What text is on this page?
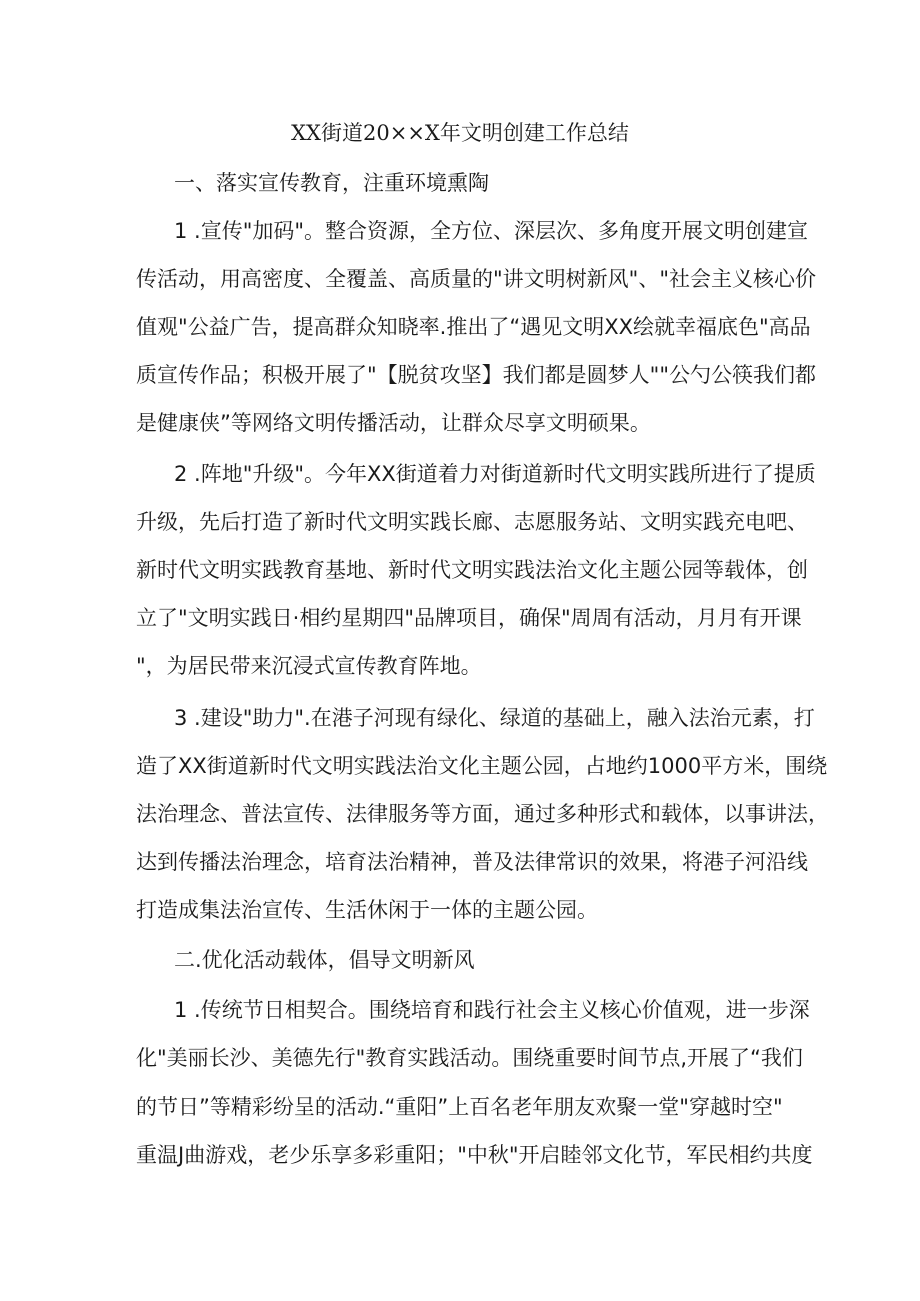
XX街道20××X年文明创建工作总结

一、落实宣传教育，注重环境熏陶

1 .宣传"加码"。整合资源，全方位、深层次、多角度开展文明创建宣

传活动，用高密度、全覆盖、高质量的"讲文明树新风"、"社会主义核心价

值观"公益广告，提高群众知晓率.推出了“遇见文明XX绘就幸福底色"高品

质宣传作品；积极开展了"【脱贫攻坚】我们都是圆梦人""公勺公筷我们都

是健康侠”等网络文明传播活动，让群众尽享文明硕果。

2 .阵地"升级"。今年XX街道着力对街道新时代文明实践所进行了提质

升级，先后打造了新时代文明实践长廊、志愿服务站、文明实践充电吧、

新时代文明实践教育基地、新时代文明实践法治文化主题公园等载体，创

立了"文明实践日·相约星期四"品牌项目，确保"周周有活动，月月有开课

"，为居民带来沉浸式宣传教育阵地。

3 .建设"助力".在港子河现有绿化、绿道的基础上，融入法治元素，打

造了XX街道新时代文明实践法治文化主题公园，占地约1000平方米，围绕

法治理念、普法宣传、法律服务等方面，通过多种形式和载体，以事讲法，

达到传播法治理念，培育法治精神，普及法律常识的效果，将港子河沿线

打造成集法治宣传、生活休闲于一体的主题公园。

二.优化活动载体，倡导文明新风

1 .传统节日相契合。围绕培育和践行社会主义核心价值观，进一步深

化"美丽长沙、美德先行"教育实践活动。围绕重要时间节点,开展了“我们

的节日”等精彩纷呈的活动.“重阳”上百名老年朋友欢聚一堂"穿越时空"

重温J曲游戏，老少乐享多彩重阳；"中秋"开启睦邻文化节，军民相约共度
